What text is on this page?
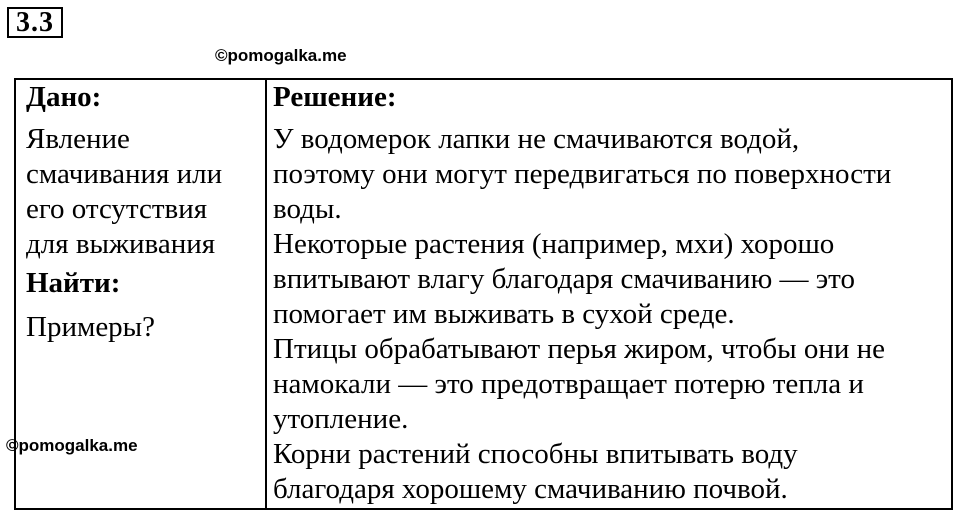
3.3
©pomogalka.me
Дано:
Явление
смачивания или
его отсутствия
для выживания
Найти:
Примеры?
Решение:
У водомерок лапки не смачиваются водой,
поэтому они могут передвигаться по поверхности
воды.
Некоторые растения (например, мхи) хорошо
впитывают влагу благодаря смачиванию — это
помогает им выживать в сухой среде.
Птицы обрабатывают перья жиром, чтобы они не
намокали — это предотвращает потерю тепла и
утопление.
Корни растений способны впитывать воду
благодаря хорошему смачиванию почвой.
©pomogalka.me
